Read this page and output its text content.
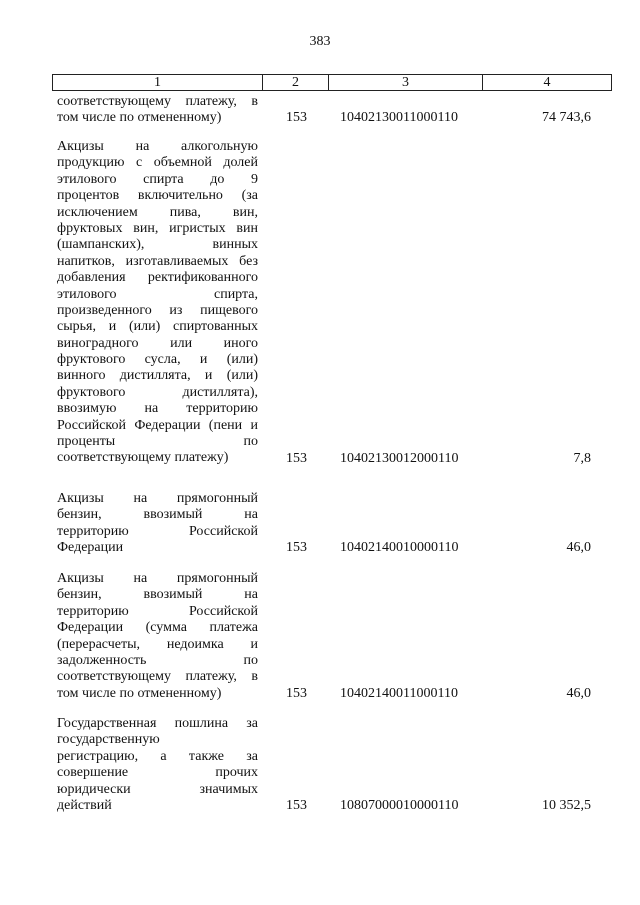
383
1	2	3	4
соответствующему платежу, в
том числе по отмененному)	153 10402130011000110	74 743,6
Акцизы на алкогольную
продукцию с объемной долей
этилового спирта до 9
процентов включительно (за
исключением пива, вин,
фруктовых вин, игристых вин
(шампанских), винных
напитков, изготавливаемых без
добавления ректификованного
этилового спирта,
произведенного из пищевого
сырья, и (или) спиртованных
виноградного или иного
фруктового сусла, и (или)
винного дистиллята, и (или)
фруктового дистиллята),
ввозимую на территорию
Российской Федерации (пени и
проценты по
соответствующему платежу)	153 10402130012000110	7,8
Акцизы на прямогонный
бензин, ввозимый на
территорию Российской
Федерации	153 10402140010000110	46,0
Акцизы на прямогонный
бензин, ввозимый на
территорию Российской
Федерации (сумма платежа
(перерасчеты, недоимка и
задолженность по
соответствующему платежу, в
том числе по отмененному)	153 10402140011000110	46,0
Государственная пошлина за
государственную
регистрацию, а также за
совершение прочих
юридически значимых
действий	153 10807000010000110	10 352,5
